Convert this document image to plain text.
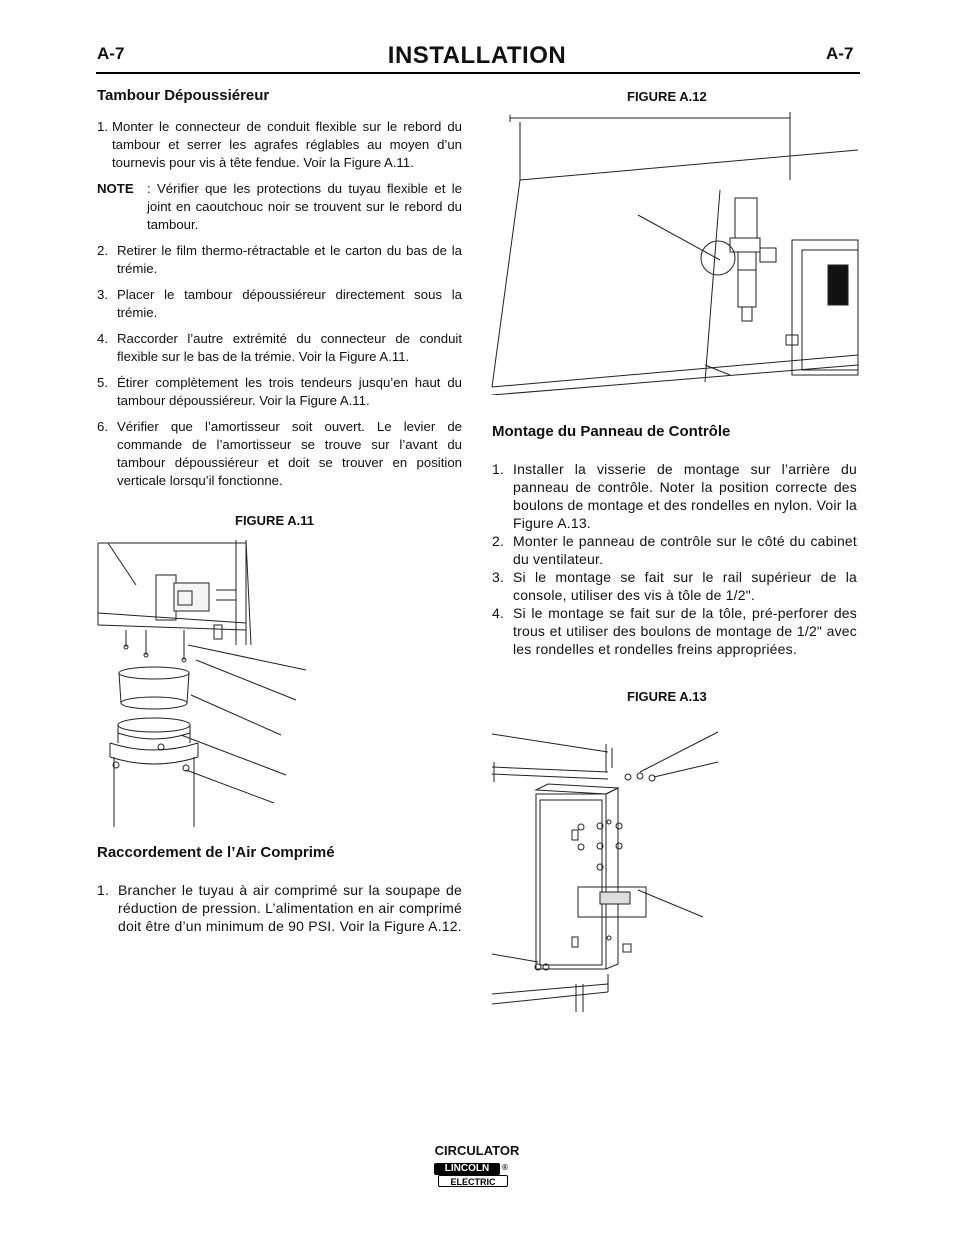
A-7	INSTALLATION	A-7
Tambour Dépoussiéreur
1. Monter le connecteur de conduit flexible sur le rebord du tambour et serrer les agrafes réglables au moyen d’un tournevis pour vis à tête fendue. Voir la Figure A.11.
NOTE : Vérifier que les protections du tuyau flexible et le joint en caoutchouc noir se trouvent sur le rebord du tambour.
2. Retirer le film thermo-rétractable et le carton du bas de la trémie.
3. Placer le tambour dépoussiéreur directement sous la trémie.
4. Raccorder l’autre extrémité du connecteur de conduit flexible sur le bas de la trémie. Voir la Figure A.11.
5. Étirer complètement les trois tendeurs jusqu’en haut du tambour dépoussiéreur. Voir la Figure A.11.
6. Vérifier que l’amortisseur soit ouvert. Le levier de commande de l’amortisseur se trouve sur l’avant du tambour dépoussiéreur et doit se trouver en position verticale lorsqu’il fonctionne.
FIGURE A.11
Raccordement de l’Air Comprimé
1. Brancher le tuyau à air comprimé sur la soupape de réduction de pression. L’alimentation en air comprimé doit être d’un minimum de 90 PSI. Voir la Figure A.12.
FIGURE A.12
Montage du Panneau de Contrôle
1. Installer la visserie de montage sur l’arrière du panneau de contrôle. Noter la position correcte des boulons de montage et des rondelles en nylon. Voir la Figure A.13.
2. Monter le panneau de contrôle sur le côté du cabinet du ventilateur.
3. Si le montage se fait sur le rail supérieur de la console, utiliser des vis à tôle de 1/2".
4. Si le montage se fait sur de la tôle, pré-perforer des trous et utiliser des boulons de montage de 1/2" avec les rondelles et rondelles freins appropriées.
FIGURE A.13
CIRCULATOR
LINCOLN	®
ELECTRIC
